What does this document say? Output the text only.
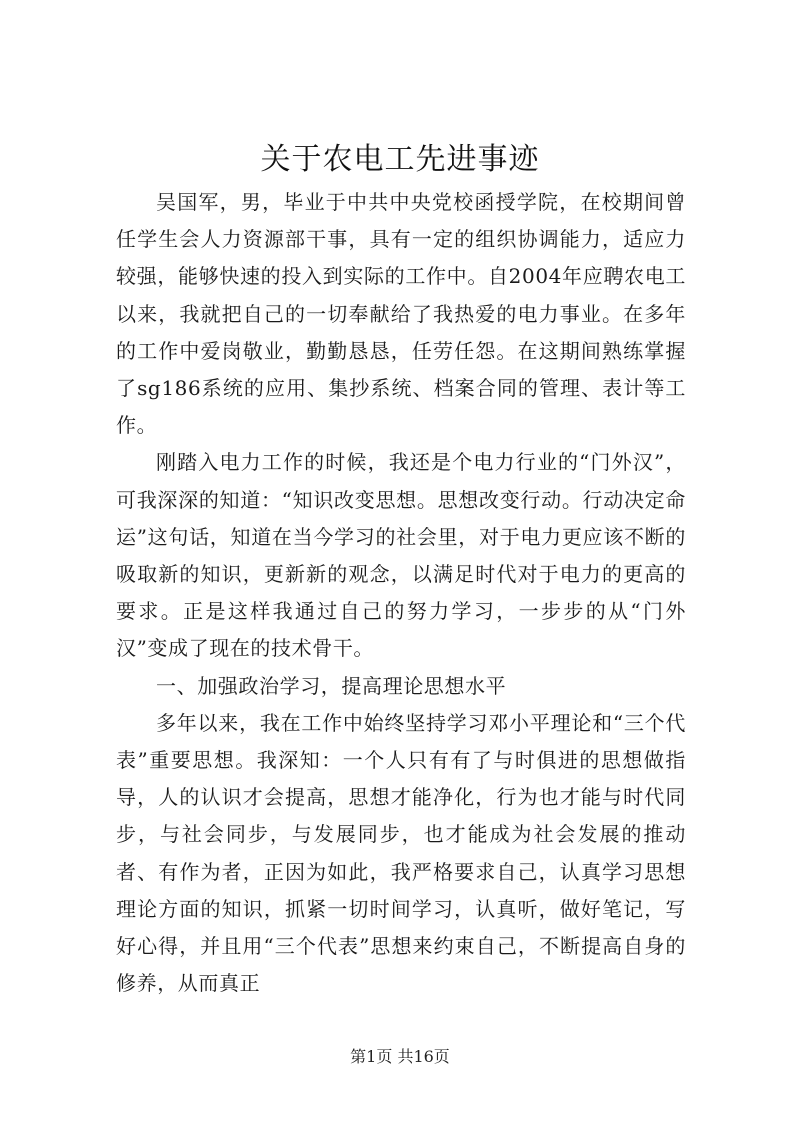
关于农电工先进事迹

吴国军，男，毕业于中共中央党校函授学院，在校期间曾任学生会人力资源部干事，具有一定的组织协调能力，适应力较强，能够快速的投入到实际的工作中。自2004年应聘农电工以来，我就把自己的一切奉献给了我热爱的电力事业。在多年的工作中爱岗敬业，勤勤恳恳，任劳任怨。在这期间熟练掌握了sg186系统的应用、集抄系统、档案合同的管理、表计等工作。

刚踏入电力工作的时候，我还是个电力行业的“门外汉”，可我深深的知道：“知识改变思想。思想改变行动。行动决定命运”这句话，知道在当今学习的社会里，对于电力更应该不断的吸取新的知识，更新新的观念，以满足时代对于电力的更高的要求。正是这样我通过自己的努力学习，一步步的从“门外汉”变成了现在的技术骨干。

一、加强政治学习，提高理论思想水平

多年以来，我在工作中始终坚持学习邓小平理论和“三个代表”重要思想。我深知：一个人只有有了与时俱进的思想做指导，人的认识才会提高，思想才能净化，行为也才能与时代同步，与社会同步，与发展同步，也才能成为社会发展的推动者、有作为者，正因为如此，我严格要求自己，认真学习思想理论方面的知识，抓紧一切时间学习，认真听，做好笔记，写好心得，并且用“三个代表”思想来约束自己，不断提高自身的修养，从而真正

第1页 共16页
